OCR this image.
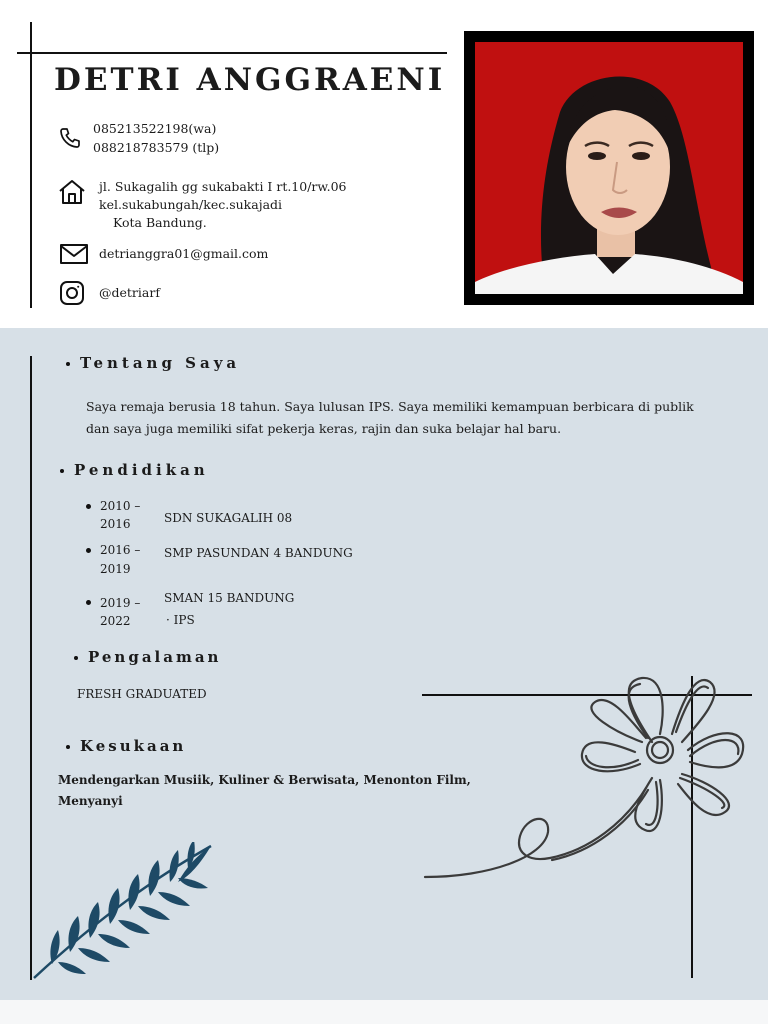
DETRI ANGGRAENI
085213522198(wa)
088218783579 (tlp)
jl. Sukagalih gg sukabakti I rt.10/rw.06
kel.sukabungah/kec.sukajadi
Kota Bandung.
detrianggra01@gmail.com
@detriarf
Tentang Saya
Saya remaja berusia 18 tahun. Saya lulusan IPS. Saya memiliki kemampuan berbicara di publik dan saya juga memiliki sifat pekerja keras, rajin dan suka belajar hal baru.
Pendidikan
2010 –
2016	SDN SUKAGALIH 08
2016 –
2019
SMP PASUNDAN 4 BANDUNG
2019 –
2022
SMAN 15 BANDUNG
· IPS
Pengalaman
FRESH GRADUATED
Kesukaan
Mendengarkan Musiik, Kuliner & Berwisata, Menonton Film,
Menyanyi
